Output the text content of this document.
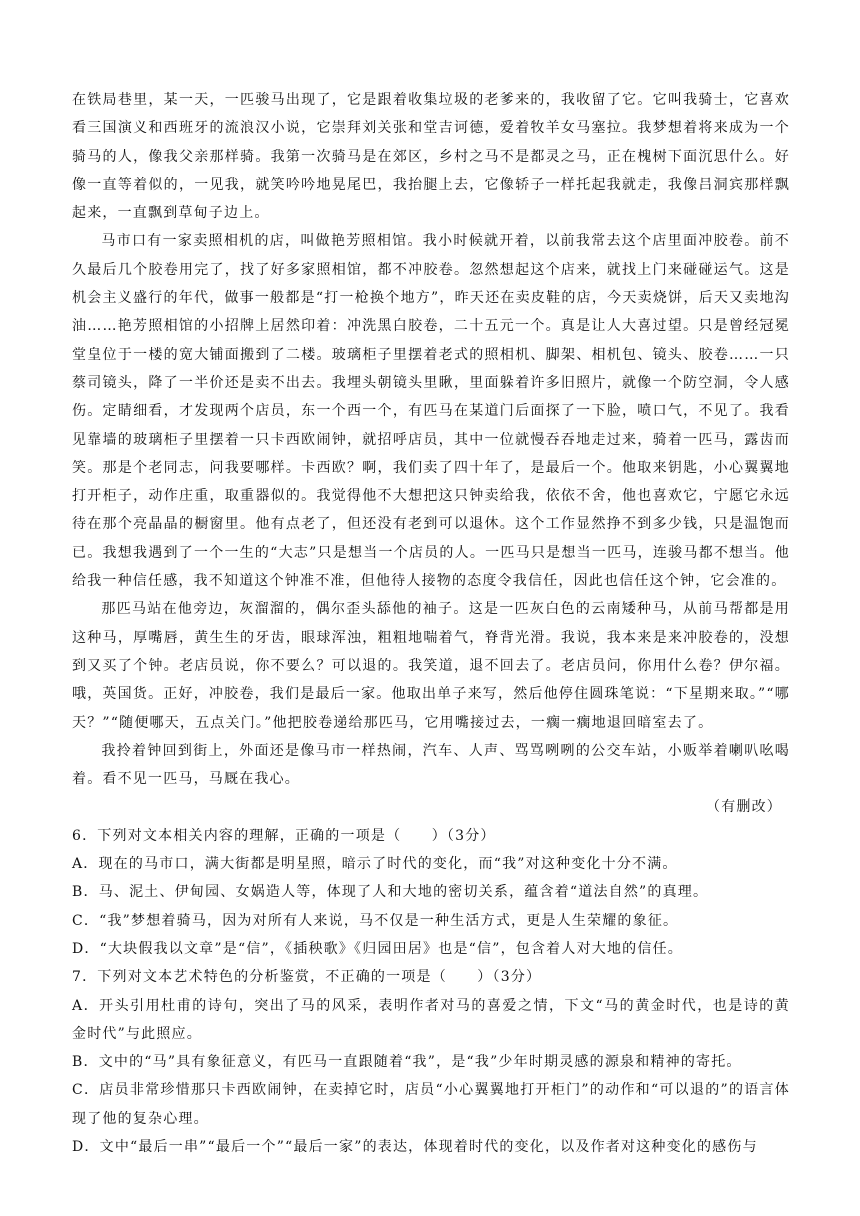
在铁局巷里，某一天，一匹骏马出现了，它是跟着收集垃圾的老爹来的，我收留了它。它叫我骑士，它喜欢看三国演义和西班牙的流浪汉小说，它崇拜刘关张和堂吉诃德，爱着牧羊女马塞拉。我梦想着将来成为一个骑马的人，像我父亲那样骑。我第一次骑马是在郊区，乡村之马不是都灵之马，正在槐树下面沉思什么。好像一直等着似的，一见我，就笑吟吟地晃尾巴，我抬腿上去，它像轿子一样托起我就走，我像吕洞宾那样飘起来，一直飘到草甸子边上。

马市口有一家卖照相机的店，叫做艳芳照相馆。我小时候就开着，以前我常去这个店里面冲胶卷。前不久最后几个胶卷用完了，找了好多家照相馆，都不冲胶卷。忽然想起这个店来，就找上门来碰碰运气。这是机会主义盛行的年代，做事一般都是“打一枪换个地方”，昨天还在卖皮鞋的店，今天卖烧饼，后天又卖地沟油……艳芳照相馆的小招牌上居然印着：冲洗黑白胶卷，二十五元一个。真是让人大喜过望。只是曾经冠冕堂皇位于一楼的宽大铺面搬到了二楼。玻璃柜子里摆着老式的照相机、脚架、相机包、镜头、胶卷……一只蔡司镜头，降了一半价还是卖不出去。我埋头朝镜头里瞅，里面躲着许多旧照片，就像一个防空洞，令人感伤。定睛细看，才发现两个店员，东一个西一个，有匹马在某道门后面探了一下脸，喷口气，不见了。我看见靠墙的玻璃柜子里摆着一只卡西欧闹钟，就招呼店员，其中一位就慢吞吞地走过来，骑着一匹马，露齿而笑。那是个老同志，问我要哪样。卡西欧？啊，我们卖了四十年了，是最后一个。他取来钥匙，小心翼翼地打开柜子，动作庄重，取重器似的。我觉得他不大想把这只钟卖给我，依依不舍，他也喜欢它，宁愿它永远待在那个亮晶晶的橱窗里。他有点老了，但还没有老到可以退休。这个工作显然挣不到多少钱，只是温饱而已。我想我遇到了一个一生的“大志”只是想当一个店员的人。一匹马只是想当一匹马，连骏马都不想当。他给我一种信任感，我不知道这个钟准不准，但他待人接物的态度令我信任，因此也信任这个钟，它会准的。

那匹马站在他旁边，灰溜溜的，偶尔歪头舔他的袖子。这是一匹灰白色的云南矮种马，从前马帮都是用这种马，厚嘴唇，黄生生的牙齿，眼球浑浊，粗粗地喘着气，脊背光滑。我说，我本来是来冲胶卷的，没想到又买了个钟。老店员说，你不要么？可以退的。我笑道，退不回去了。老店员问，你用什么卷？伊尔福。哦，英国货。正好，冲胶卷，我们是最后一家。他取出单子来写，然后他停住圆珠笔说：“下星期来取。”“哪天？”“随便哪天，五点关门。”他把胶卷递给那匹马，它用嘴接过去，一瘸一瘸地退回暗室去了。

我拎着钟回到街上，外面还是像马市一样热闹，汽车、人声、骂骂咧咧的公交车站，小贩举着喇叭吆喝着。看不见一匹马，马厩在我心。

（有删改）

6．下列对文本相关内容的理解，正确的一项是（　　）（3分）

A．现在的马市口，满大街都是明星照，暗示了时代的变化，而“我”对这种变化十分不满。

B．马、泥土、伊甸园、女娲造人等，体现了人和大地的密切关系，蕴含着“道法自然”的真理。

C．“我”梦想着骑马，因为对所有人来说，马不仅是一种生活方式，更是人生荣耀的象征。

D．“大块假我以文章”是“信”，《插秧歌》《归园田居》也是“信”，包含着人对大地的信任。

7．下列对文本艺术特色的分析鉴赏，不正确的一项是（　　）（3分）

A．开头引用杜甫的诗句，突出了马的风采，表明作者对马的喜爱之情，下文“马的黄金时代，也是诗的黄金时代”与此照应。

B．文中的“马”具有象征意义，有匹马一直跟随着“我”，是“我”少年时期灵感的源泉和精神的寄托。

C．店员非常珍惜那只卡西欧闹钟，在卖掉它时，店员“小心翼翼地打开柜门”的动作和“可以退的”的语言体现了他的复杂心理。

D．文中“最后一串”“最后一个”“最后一家”的表达，体现着时代的变化，以及作者对这种变化的感伤与
